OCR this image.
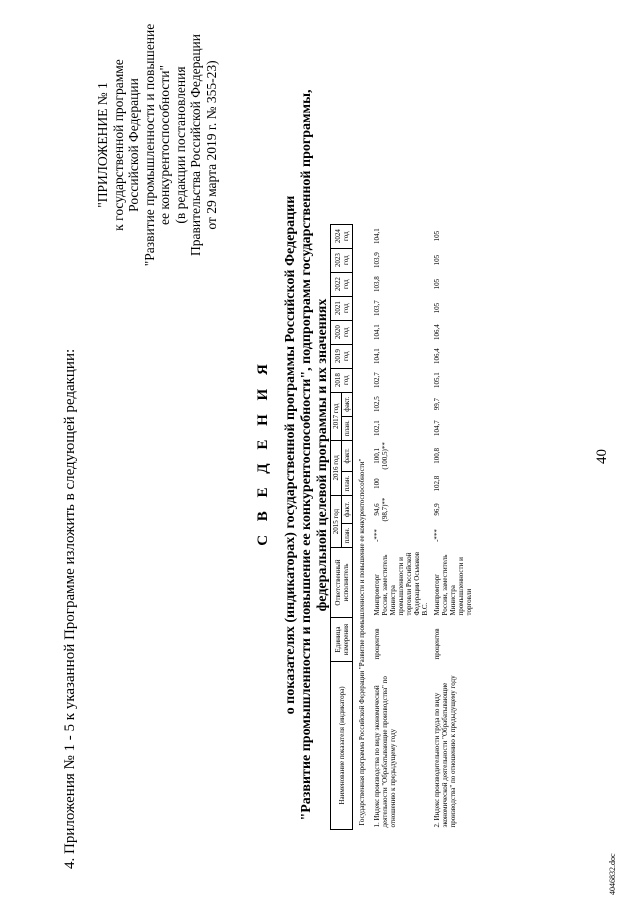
40
4. Приложения № 1 - 5 к указанной Программе изложить в следующей редакции:
"ПРИЛОЖЕНИЕ № 1 к государственной программе Российской Федерации "Развитие промышленности и повышение ее конкурентоспособности" (в редакции постановления Правительства Российской Федерации от 29 марта 2019 г. № 355-23)
С В Е Д Е Н И Я о показателях (индикаторах) государственной программы Российской Федерации "Развитие промышленности и повышение ее конкурентоспособности", подпрограмм государственной программы, федеральной целевой программы и их значениях
Наименование показателя (индикатора)	Единица измерения	Ответственный исполнитель	2015 год		2016 год		2017 год		2018 год	2019 год	2020 год	2021 год	2022 год	2023 год	2024 год
			план.	факт.	план.	факт.	план.	факт.							
Государственная программа Российской Федерации "Развитие промышленности и повышение ее конкурентоспособности"															
1. Индекс производства по виду экономической деятельности "Обрабатывающие производства" по отношению к предыдущему году	процентов	Минпромторг России, заместитель Министра промышленности и торговли Российской Федерации Осьмаков В.С.	-***	94,6 (98,7)**	100	100,1 (100,5)**	102,1	102,5	102,7	104,1	104,1	103,7	103,8	103,9	104,1
2. Индекс производительности труда по виду экономической деятельности "Обрабатывающие производства" по отношению к предыдущему году	процентов	Минпромторг России, заместитель Министра промышленности и торговли	-***	96,9	102,8	100,8	104,7	99,7	105,1	106,4	106,4	105	105	105	105
4046832.doc
